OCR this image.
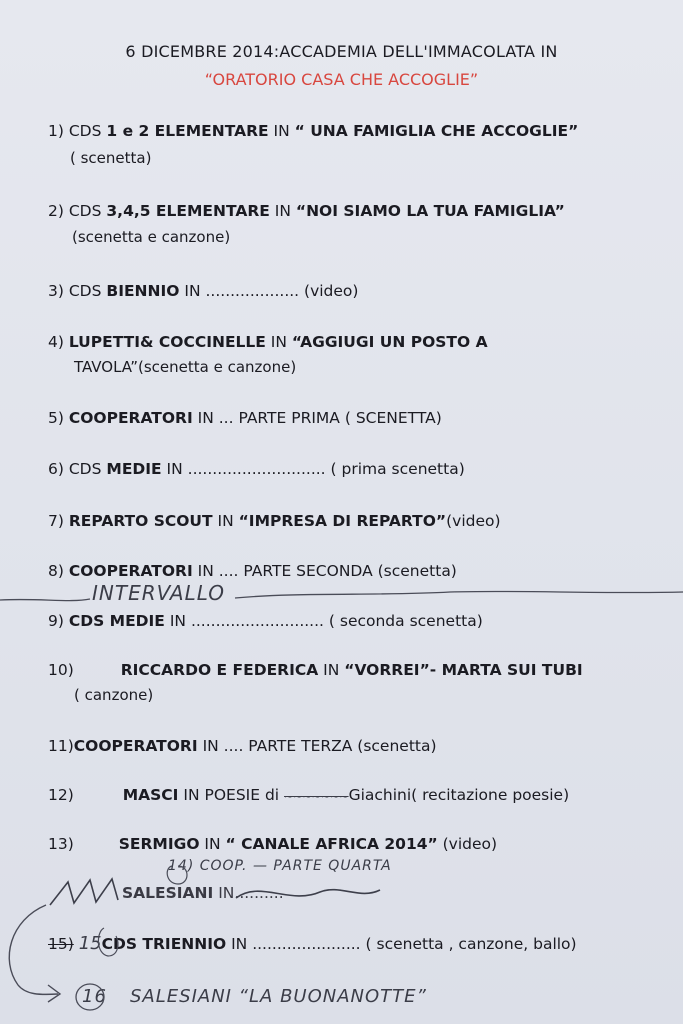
6 DICEMBRE 2014:ACCADEMIA DELL'IMMACOLATA IN
“ORATORIO CASA CHE ACCOGLIE”
1) CDS 1 e 2 ELEMENTARE IN “ UNA FAMIGLIA CHE ACCOGLIE”
( scenetta)
2) CDS 3,4,5 ELEMENTARE IN “NOI SIAMO LA TUA FAMIGLIA”
(scenetta e canzone)
3) CDS BIENNIO IN ................... (video)
4) LUPETTI& COCCINELLE IN “AGGIUGI UN POSTO A
TAVOLA”(scenetta e canzone)
5) COOPERATORI IN ... PARTE PRIMA ( SCENETTA)
6) CDS MEDIE IN ............................ ( prima scenetta)
7) REPARTO SCOUT IN “IMPRESA DI REPARTO”(video)
8) COOPERATORI IN .... PARTE SECONDA (scenetta)
INTERVALLO
9) CDS MEDIE IN ........................... ( seconda scenetta)
10)	RICCARDO E FEDERICA IN “VORREI”- MARTA SUI TUBI
( canzone)
11)COOPERATORI IN .... PARTE TERZA (scenetta)
12)	MASCI IN POESIE di ~~~~~~~Giachini( recitazione poesie)
13)	SERMIGO IN “ CANALE AFRICA 2014” (video)
14) COOP. — PARTE QUARTA
SALESIANI IN..........
15) 15CDS TRIENNIO IN ...................... ( scenetta , canzone, ballo)
16 SALESIANI “LA BUONANOTTE”
